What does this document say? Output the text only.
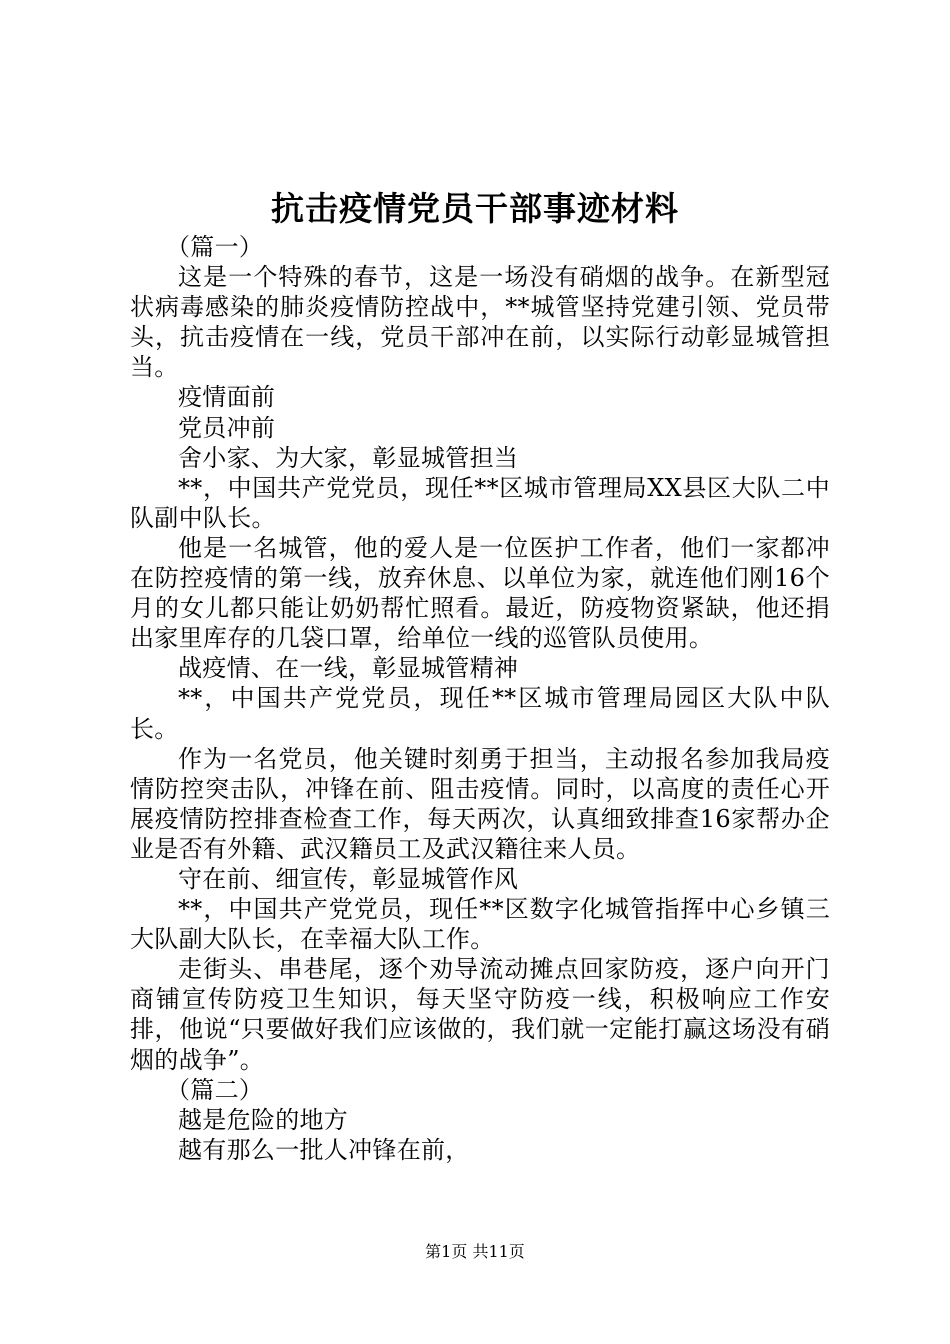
抗击疫情党员干部事迹材料

（篇一）

这是一个特殊的春节，这是一场没有硝烟的战争。在新型冠状病毒感染的肺炎疫情防控战中，**城管坚持党建引领、党员带头，抗击疫情在一线，党员干部冲在前，以实际行动彰显城管担当。

疫情面前

党员冲前

舍小家、为大家，彰显城管担当

**，中国共产党党员，现任**区城市管理局XX县区大队二中队副中队长。

他是一名城管，他的爱人是一位医护工作者，他们一家都冲在防控疫情的第一线，放弃休息、以单位为家，就连他们刚16个月的女儿都只能让奶奶帮忙照看。最近，防疫物资紧缺，他还捐出家里库存的几袋口罩，给单位一线的巡管队员使用。

战疫情、在一线，彰显城管精神

**，中国共产党党员，现任**区城市管理局园区大队中队长。

作为一名党员，他关键时刻勇于担当，主动报名参加我局疫情防控突击队，冲锋在前、阻击疫情。同时，以高度的责任心开展疫情防控排查检查工作，每天两次，认真细致排查16家帮办企业是否有外籍、武汉籍员工及武汉籍往来人员。

守在前、细宣传，彰显城管作风

**，中国共产党党员，现任**区数字化城管指挥中心乡镇三大队副大队长，在幸福大队工作。

走街头、串巷尾，逐个劝导流动摊点回家防疫，逐户向开门商铺宣传防疫卫生知识，每天坚守防疫一线，积极响应工作安排，他说“只要做好我们应该做的，我们就一定能打赢这场没有硝烟的战争”。

（篇二）

越是危险的地方

越有那么一批人冲锋在前，

第1页 共11页
